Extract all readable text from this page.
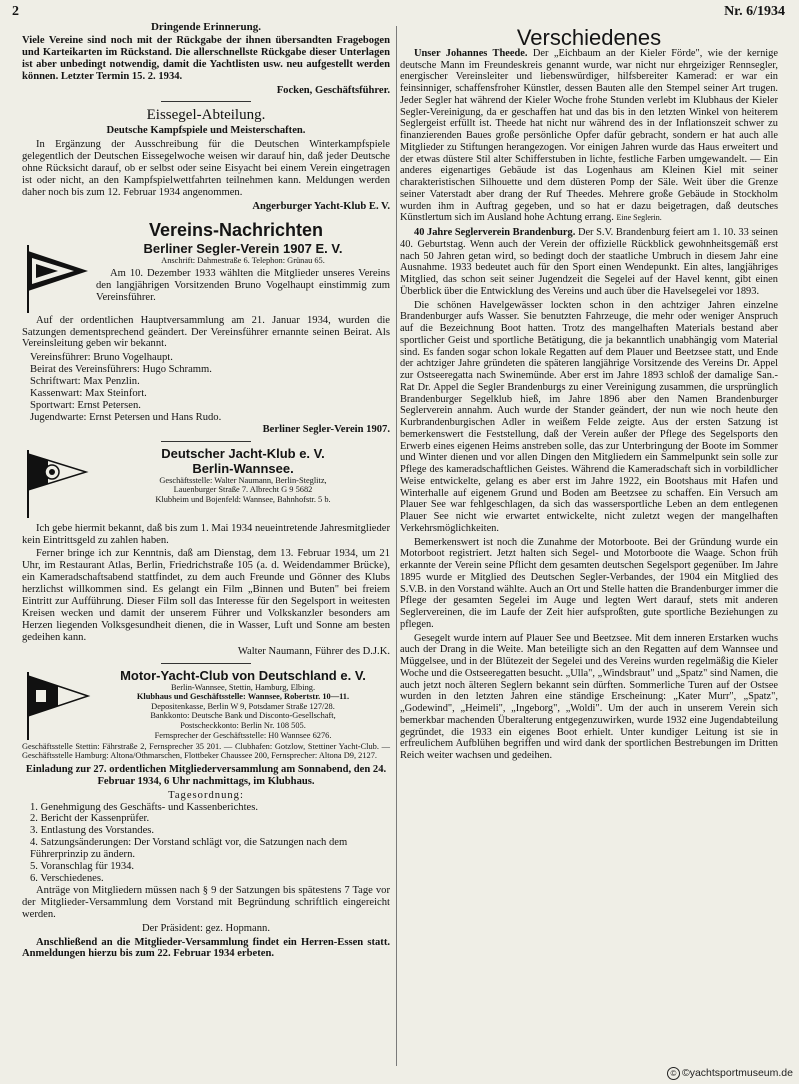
2	Nr. 6/1934
Dringende Erinnerung.

Viele Vereine sind noch mit der Rückgabe der ihnen übersandten Fragebogen und Karteikarten im Rückstand. Die allerschnellste Rückgabe dieser Unterlagen ist aber unbedingt notwendig, damit die Yachtlisten usw. neu aufgestellt werden können. Letzter Termin 15. 2. 1934.

Focken, Geschäftsführer.

Eissegel-Abteilung.
Deutsche Kampfspiele und Meisterschaften.

In Ergänzung der Ausschreibung für die Deutschen Winterkampfspiele gelegentlich der Deutschen Eissegelwoche weisen wir darauf hin, daß jeder Deutsche ohne Rücksicht darauf, ob er selbst oder seine Eisyacht bei einem Verein eingetragen ist oder nicht, an den Kampfspielwettfahrten teilnehmen kann. Meldungen werden daher noch bis zum 12. Februar 1934 angenommen.

Angerburger Yacht-Klub E. V.

Vereins-Nachrichten
Berliner Segler-Verein 1907 E. V.
Anschrift: Dahmestraße 6. Telephon: Grünau 65.

Am 10. Dezember 1933 wählten die Mitglieder unseres Vereins den langjährigen Vorsitzenden Bruno Vogelhaupt einstimmig zum Vereinsführer.

Auf der ordentlichen Hauptversammlung am 21. Januar 1934, wurden die Satzungen dementsprechend geändert. Der Vereinsführer ernannte seinen Beirat. Als Vereinsleitung geben wir bekannt.

Vereinsführer: Bruno Vogelhaupt.
Beirat des Vereinsführers: Hugo Schramm.
Schriftwart: Max Penzlin.
Kassenwart: Max Steinfort.
Sportwart: Ernst Petersen.
Jugendwarte: Ernst Petersen und Hans Rudo.

Berliner Segler-Verein 1907.

Deutscher Jacht-Klub e. V.
Berlin-Wannsee.
Geschäftsstelle: Walter Naumann, Berlin-Steglitz,
Lauenburger Straße 7. Albrecht G 9 5682
Klubheim und Bojenfeld: Wannsee, Bahnhofstr. 5 b.

Ich gebe hiermit bekannt, daß bis zum 1. Mai 1934 neueintretende Jahresmitglieder kein Eintrittsgeld zu zahlen haben.

Ferner bringe ich zur Kenntnis, daß am Dienstag, dem 13. Februar 1934, um 21 Uhr, im Restaurant Atlas, Berlin, Friedrichstraße 105 (a. d. Weidendammer Brücke), ein Kameradschaftsabend stattfindet, zu dem auch Freunde und Gönner des Klubs herzlichst willkommen sind. Es gelangt ein Film „Binnen und Buten" bei freiem Eintritt zur Aufführung. Dieser Film soll das Interesse für den Segelsport in weitesten Kreisen wecken und damit der unserem Führer und Volkskanzler besonders am Herzen liegenden Volksgesundheit dienen, die in Wasser, Luft und Sonne am besten gedeihen kann.

Walter Naumann, Führer des D.J.K.

Motor-Yacht-Club von Deutschland e. V.
Berlin-Wannsee, Stettin, Hamburg, Elbing.
Klubhaus und Geschäftsstelle: Wannsee, Robertstr. 10—11.
Depositenkasse, Berlin W 9, Potsdamer Straße 127/28.
Bankkonto: Deutsche Bank und Disconto-Gesellschaft,
Postscheckkonto: Berlin Nr. 108 505.
Fernsprecher der Geschäftsstelle: H0 Wannsee 6276.
Geschäftsstelle Stettin: Fährstraße 2, Fernsprecher 35 201. — Clubhafen: Gotzlow, Stettiner Yacht-Club. — Geschäftsstelle Hamburg: Altona/Othmarschen, Flottbeker Chaussee 200, Fernsprecher: Altona D9, 2127.

Einladung zur 27. ordentlichen Mitgliederversammlung am Sonnabend, den 24. Februar 1934, 6 Uhr nachmittags, im Klubhaus.

Tagesordnung:
1. Genehmigung des Geschäfts- und Kassenberichtes.
2. Bericht der Kassenprüfer.
3. Entlastung des Vorstandes.
4. Satzungsänderungen: Der Vorstand schlägt vor, die Satzungen nach dem Führerprinzip zu ändern.
5. Voranschlag für 1934.
6. Verschiedenes.

Anträge von Mitgliedern müssen nach § 9 der Satzungen bis spätestens 7 Tage vor der Mitglieder-Versammlung dem Vorstand mit Begründung schriftlich eingereicht werden.

Der Präsident: gez. Hopmann.

Anschließend an die Mitglieder-Versammlung findet ein Herren-Essen statt. Anmeldungen hierzu bis zum 22. Februar 1934 erbeten.

Verschiedenes

Unser Johannes Theede. Der „Eichbaum an der Kieler Förde", wie der kernige deutsche Mann im Freundeskreis genannt wurde, war nicht nur ehrgeiziger Rennsegler, energischer Vereinsleiter und liebenswürdiger, hilfsbereiter Kamerad: er war ein feinsinniger, schaffensfroher Künstler, dessen Bauten alle den Stempel seiner Art trugen. Jeder Segler hat während der Kieler Woche frohe Stunden verlebt im Klubhaus der Kieler Segler-Vereinigung, da er geschaffen hat und das bis in den letzten Winkel von heiterem Seglergeist erfüllt ist. Theede hat nicht nur während des in der Inflationszeit schwer zu finanzierenden Baues große persönliche Opfer dafür gebracht, sondern er hat auch alle Mitglieder zu Stiftungen herangezogen. Vor einigen Jahren wurde das Haus erweitert und der etwas düstere Stil alter Schifferstuben in lichte, festliche Farben umgewandelt. — Ein anderes eigenartiges Gebäude ist das Logenhaus am Kleinen Kiel mit seiner charakteristischen Silhouette und dem düsteren Pomp der Säle. Weit über die Grenze seiner Vaterstadt aber drang der Ruf Theedes. Mehrere große Gebäude in Stockholm wurden ihm in Auftrag gegeben, und so hat er dazu beigetragen, daß deutsches Künstlertum sich im Ausland hohe Achtung errang. Eine Seglerin.

40 Jahre Seglerverein Brandenburg. Der S.V. Brandenburg feiert am 1. 10. 33 seinen 40. Geburtstag. Wenn auch der Verein der offizielle Rückblick gewohnheitsgemäß erst nach 50 Jahren getan wird, so bedingt doch der staatliche Umbruch in diesem Jahr eine Ausnahme. 1933 bedeutet auch für den Sport einen Wendepunkt. Ein altes, langjähriges Mitglied, das schon seit seiner Jugendzeit die Segelei auf der Havel kennt, gibt einen Überblick über die Entwicklung des Vereins und auch über die Havelsegelei vor 1893.

Die schönen Havelgewässer lockten schon in den achtziger Jahren einzelne Brandenburger aufs Wasser. Sie benutzten Fahrzeuge, die mehr oder weniger Anspruch auf die Bezeichnung Boot hatten. Trotz des mangelhaften Materials bestand aber sportlicher Geist und sportliche Betätigung, die ja bekanntlich unabhängig vom Material sind. Es fanden sogar schon lokale Regatten auf dem Plauer und Beetzsee statt, und Ende der achtziger Jahre gründeten die späteren langjährige Vorsitzende des Vereins Dr. Appel zur Ostseeregatta nach Swinemünde. Aber erst im Jahre 1893 schloß der damalige San.-Rat Dr. Appel die Segler Brandenburgs zu einer Vereinigung zusammen, die ursprünglich Brandenburger Segelklub hieß, im Jahre 1896 aber den Namen Brandenburger Seglerverein annahm. Auch wurde der Stander geändert, der nun wie noch heute den Kurbrandenburgischen Adler in weißem Felde zeigte. Aus der ersten Satzung ist bemerkenswert die Feststellung, daß der Verein außer der Pflege des Segelsports den Erwerb eines eigenen Heims anstreben solle, das zur Unterbringung der Boote im Sommer und Winter dienen und vor allen Dingen den Mitgliedern ein Sammelpunkt sein solle zur Pflege des kameradschaftlichen Geistes. Während die Kameradschaft sich in vorbildlicher Weise entwickelte, gelang es aber erst im Jahre 1922, ein Bootshaus mit Hafen und Winterhalle auf eigenem Grund und Boden am Beetzsee zu schaffen. Ein Versuch am Plauer See war fehlgeschlagen, da sich das wassersportliche Leben an dem entlegenen Plauer See nicht wie erwartet entwickelte, nicht zuletzt wegen der mangelhaften Verkehrsmöglichkeiten.

Bemerkenswert ist noch die Zunahme der Motorboote. Bei der Gründung wurde ein Motorboot registriert. Jetzt halten sich Segel- und Motorboote die Waage. Schon früh erkannte der Verein seine Pflicht dem gesamten deutschen Segelsport gegenüber. Im Jahre 1895 wurde er Mitglied des Deutschen Segler-Verbandes, der 1904 ein Mitglied des S.V.B. in den Vorstand wählte. Auch an Ort und Stelle hatten die Brandenburger immer die Pflege der gesamten Segelei im Auge und legten Wert darauf, stets mit anderen Seglervereinen, die im Laufe der Zeit hier aufsproßten, gute sportliche Beziehungen zu pflegen.

Gesegelt wurde intern auf Plauer See und Beetzsee. Mit dem inneren Erstarken wuchs auch der Drang in die Weite. Man beteiligte sich an den Regatten auf dem Wannsee und Müggelsee, und in der Blütezeit der Segelei und des Vereins wurden regelmäßig die Kieler Woche und die Ostseeregatten besucht. „Ulla", „Windsbraut" und „Spatz" sind Namen, die auch jetzt noch älteren Seglern bekannt sein dürften. Sommerliche Turen auf der Ostsee wurden in den letzten Jahren eine ständige Erscheinung: „Kater Murr", „Spatz", „Godewind", „Heimeli", „Ingeborg", „Woldi". Um der auch in unserem Verein sich bemerkbar machenden Überalterung entgegenzuwirken, wurde 1932 eine Jugendabteilung gegründet, die 1933 ein eigenes Boot erhielt. Unter kundiger Leitung ist sie in erfreulichem Aufblühen begriffen und wird dank der sportlichen Bestrebungen im Dritten Reich weiter wachsen und gedeihen.

© ©yachtsportmuseum.de
